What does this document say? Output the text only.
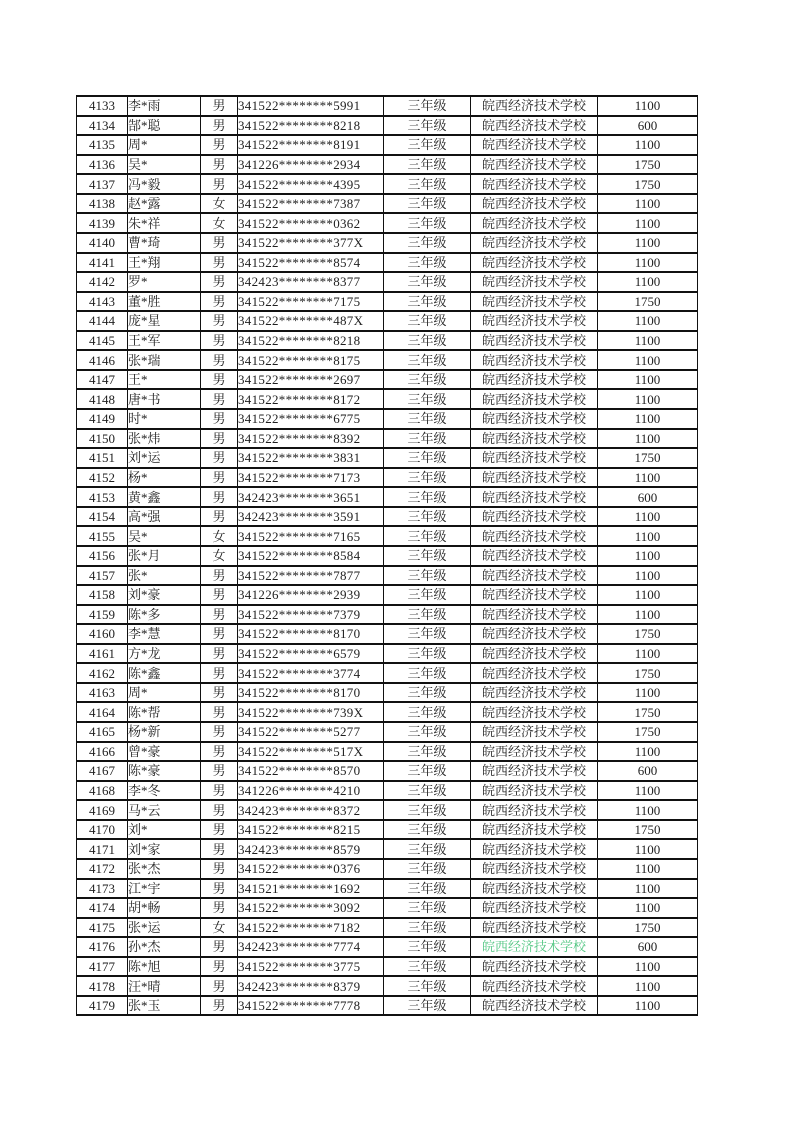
4133	李*雨	男	341522********5991	三年级	皖西经济技术学校	1100
4134	郜*聪	男	341522********8218	三年级	皖西经济技术学校	600
4135	周*	男	341522********8191	三年级	皖西经济技术学校	1100
4136	吴*	男	341226********2934	三年级	皖西经济技术学校	1750
4137	冯*毅	男	341522********4395	三年级	皖西经济技术学校	1750
4138	赵*露	女	341522********7387	三年级	皖西经济技术学校	1100
4139	朱*祥	女	341522********0362	三年级	皖西经济技术学校	1100
4140	曹*琦	男	341522********377X	三年级	皖西经济技术学校	1100
4141	王*翔	男	341522********8574	三年级	皖西经济技术学校	1100
4142	罗*	男	342423********8377	三年级	皖西经济技术学校	1100
4143	董*胜	男	341522********7175	三年级	皖西经济技术学校	1750
4144	庞*星	男	341522********487X	三年级	皖西经济技术学校	1100
4145	王*军	男	341522********8218	三年级	皖西经济技术学校	1100
4146	张*瑞	男	341522********8175	三年级	皖西经济技术学校	1100
4147	王*	男	341522********2697	三年级	皖西经济技术学校	1100
4148	唐*书	男	341522********8172	三年级	皖西经济技术学校	1100
4149	时*	男	341522********6775	三年级	皖西经济技术学校	1100
4150	张*炜	男	341522********8392	三年级	皖西经济技术学校	1100
4151	刘*运	男	341522********3831	三年级	皖西经济技术学校	1750
4152	杨*	男	341522********7173	三年级	皖西经济技术学校	1100
4153	黄*鑫	男	342423********3651	三年级	皖西经济技术学校	600
4154	高*强	男	342423********3591	三年级	皖西经济技术学校	1100
4155	吴*	女	341522********7165	三年级	皖西经济技术学校	1100
4156	张*月	女	341522********8584	三年级	皖西经济技术学校	1100
4157	张*	男	341522********7877	三年级	皖西经济技术学校	1100
4158	刘*豪	男	341226********2939	三年级	皖西经济技术学校	1100
4159	陈*多	男	341522********7379	三年级	皖西经济技术学校	1100
4160	李*慧	男	341522********8170	三年级	皖西经济技术学校	1750
4161	方*龙	男	341522********6579	三年级	皖西经济技术学校	1100
4162	陈*鑫	男	341522********3774	三年级	皖西经济技术学校	1750
4163	周*	男	341522********8170	三年级	皖西经济技术学校	1100
4164	陈*帮	男	341522********739X	三年级	皖西经济技术学校	1750
4165	杨*新	男	341522********5277	三年级	皖西经济技术学校	1750
4166	曾*豪	男	341522********517X	三年级	皖西经济技术学校	1100
4167	陈*豪	男	341522********8570	三年级	皖西经济技术学校	600
4168	李*冬	男	341226********4210	三年级	皖西经济技术学校	1100
4169	马*云	男	342423********8372	三年级	皖西经济技术学校	1100
4170	刘*	男	341522********8215	三年级	皖西经济技术学校	1750
4171	刘*家	男	342423********8579	三年级	皖西经济技术学校	1100
4172	张*杰	男	341522********0376	三年级	皖西经济技术学校	1100
4173	江*宇	男	341521********1692	三年级	皖西经济技术学校	1100
4174	胡*畅	男	341522********3092	三年级	皖西经济技术学校	1100
4175	张*运	女	341522********7182	三年级	皖西经济技术学校	1750
4176	孙*杰	男	342423********7774	三年级	皖西经济技术学校	600
4177	陈*旭	男	341522********3775	三年级	皖西经济技术学校	1100
4178	汪*晴	男	342423********8379	三年级	皖西经济技术学校	1100
4179	张*玉	男	341522********7778	三年级	皖西经济技术学校	1100
